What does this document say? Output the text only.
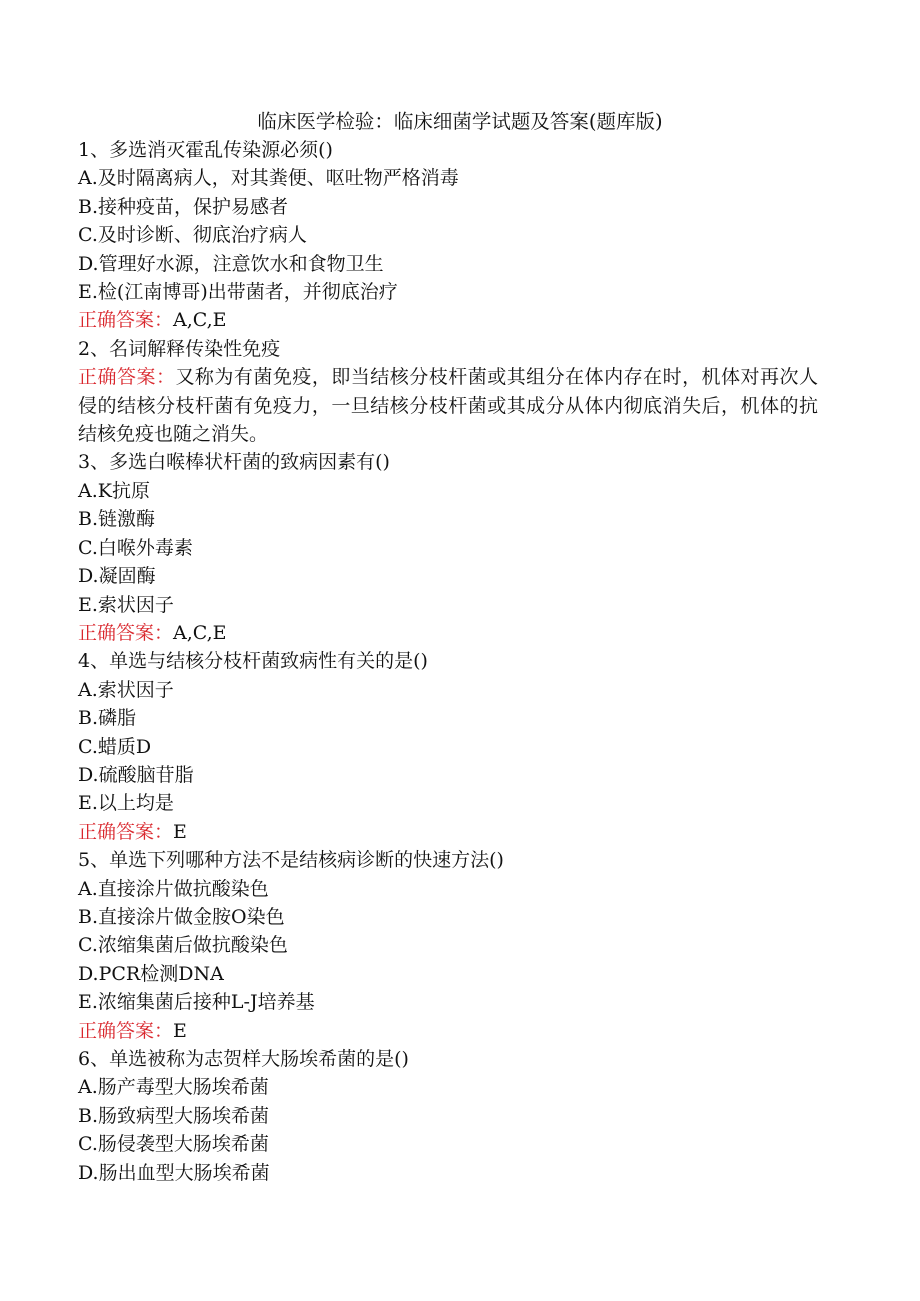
临床医学检验：临床细菌学试题及答案(题库版)
1、多选消灭霍乱传染源必须()
A.及时隔离病人，对其粪便、呕吐物严格消毒
B.接种疫苗，保护易感者
C.及时诊断、彻底治疗病人
D.管理好水源，注意饮水和食物卫生
E.检(江南博哥)出带菌者，并彻底治疗
正确答案：A,C,E
2、名词解释传染性免疫
正确答案：又称为有菌免疫，即当结核分枝杆菌或其组分在体内存在时，机体对再次人侵的结核分枝杆菌有免疫力，一旦结核分枝杆菌或其成分从体内彻底消失后，机体的抗结核免疫也随之消失。
3、多选白喉棒状杆菌的致病因素有()
A.K抗原
B.链激酶
C.白喉外毒素
D.凝固酶
E.索状因子
正确答案：A,C,E
4、单选与结核分枝杆菌致病性有关的是()
A.索状因子
B.磷脂
C.蜡质D
D.硫酸脑苷脂
E.以上均是
正确答案：E
5、单选下列哪种方法不是结核病诊断的快速方法()
A.直接涂片做抗酸染色
B.直接涂片做金胺O染色
C.浓缩集菌后做抗酸染色
D.PCR检测DNA
E.浓缩集菌后接种L-J培养基
正确答案：E
6、单选被称为志贺样大肠埃希菌的是()
A.肠产毒型大肠埃希菌
B.肠致病型大肠埃希菌
C.肠侵袭型大肠埃希菌
D.肠出血型大肠埃希菌
